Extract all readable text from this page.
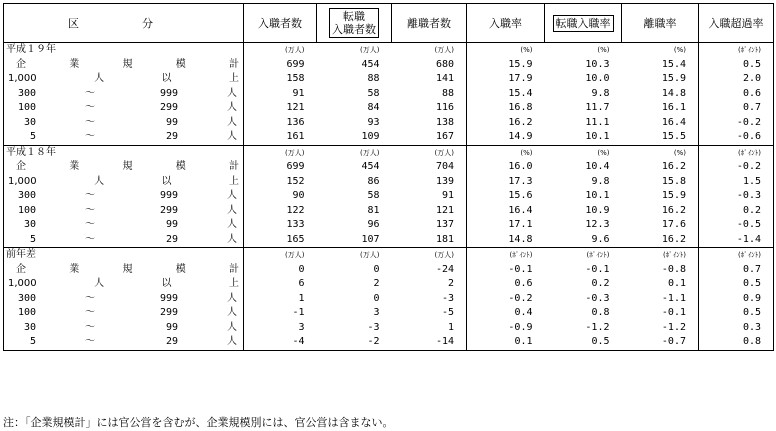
区　分	入職者数	転職
入職者数	離職者数	入職率	転職入職率	離職率	入職超過率
平成１９年	(万人)	(万人)	(万人)	(%)	(%)	(%)	(ﾎﾟｲﾝﾄ)

企 業 規 模 計	699	454	680	15.9	10.3	15.4	0.5

1,000 人 以 上	158	88	141	17.9	10.0	15.9	2.0

300 ～ 999 人	91	58	88	15.4	9.8	14.8	0.6

100 ～ 299 人	121	84	116	16.8	11.7	16.1	0.7

30 ～ 99 人	136	93	138	16.2	11.1	16.4	-0.2

5 ～ 29 人	161	109	167	14.9	10.1	15.5	-0.6
平成１８年	(万人)	(万人)	(万人)	(%)	(%)	(%)	(ﾎﾟｲﾝﾄ)

企 業 規 模 計	699	454	704	16.0	10.4	16.2	-0.2

1,000 人 以 上	152	86	139	17.3	9.8	15.8	1.5

300 ～ 999 人	90	58	91	15.6	10.1	15.9	-0.3

100 ～ 299 人	122	81	121	16.4	10.9	16.2	0.2

30 ～ 99 人	133	96	137	17.1	12.3	17.6	-0.5

5 ～ 29 人	165	107	181	14.8	9.6	16.2	-1.4
前年差	(万人)	(万人)	(万人)	(ﾎﾟｲﾝﾄ)	(ﾎﾟｲﾝﾄ)	(ﾎﾟｲﾝﾄ)	(ﾎﾟｲﾝﾄ)

企 業 規 模 計	0	0	-24	-0.1	-0.1	-0.8	0.7

1,000 人 以 上	6	2	2	0.6	0.2	0.1	0.5

300 ～ 999 人	1	0	-3	-0.2	-0.3	-1.1	0.9

100 ～ 299 人	-1	3	-5	0.4	0.8	-0.1	0.5

30 ～ 99 人	3	-3	1	-0.9	-1.2	-1.2	0.3

5 ～ 29 人	-4	-2	-14	0.1	0.5	-0.7	0.8
注：「企業規模計」には官公営を含むが、企業規模別には、官公営は含まない。
